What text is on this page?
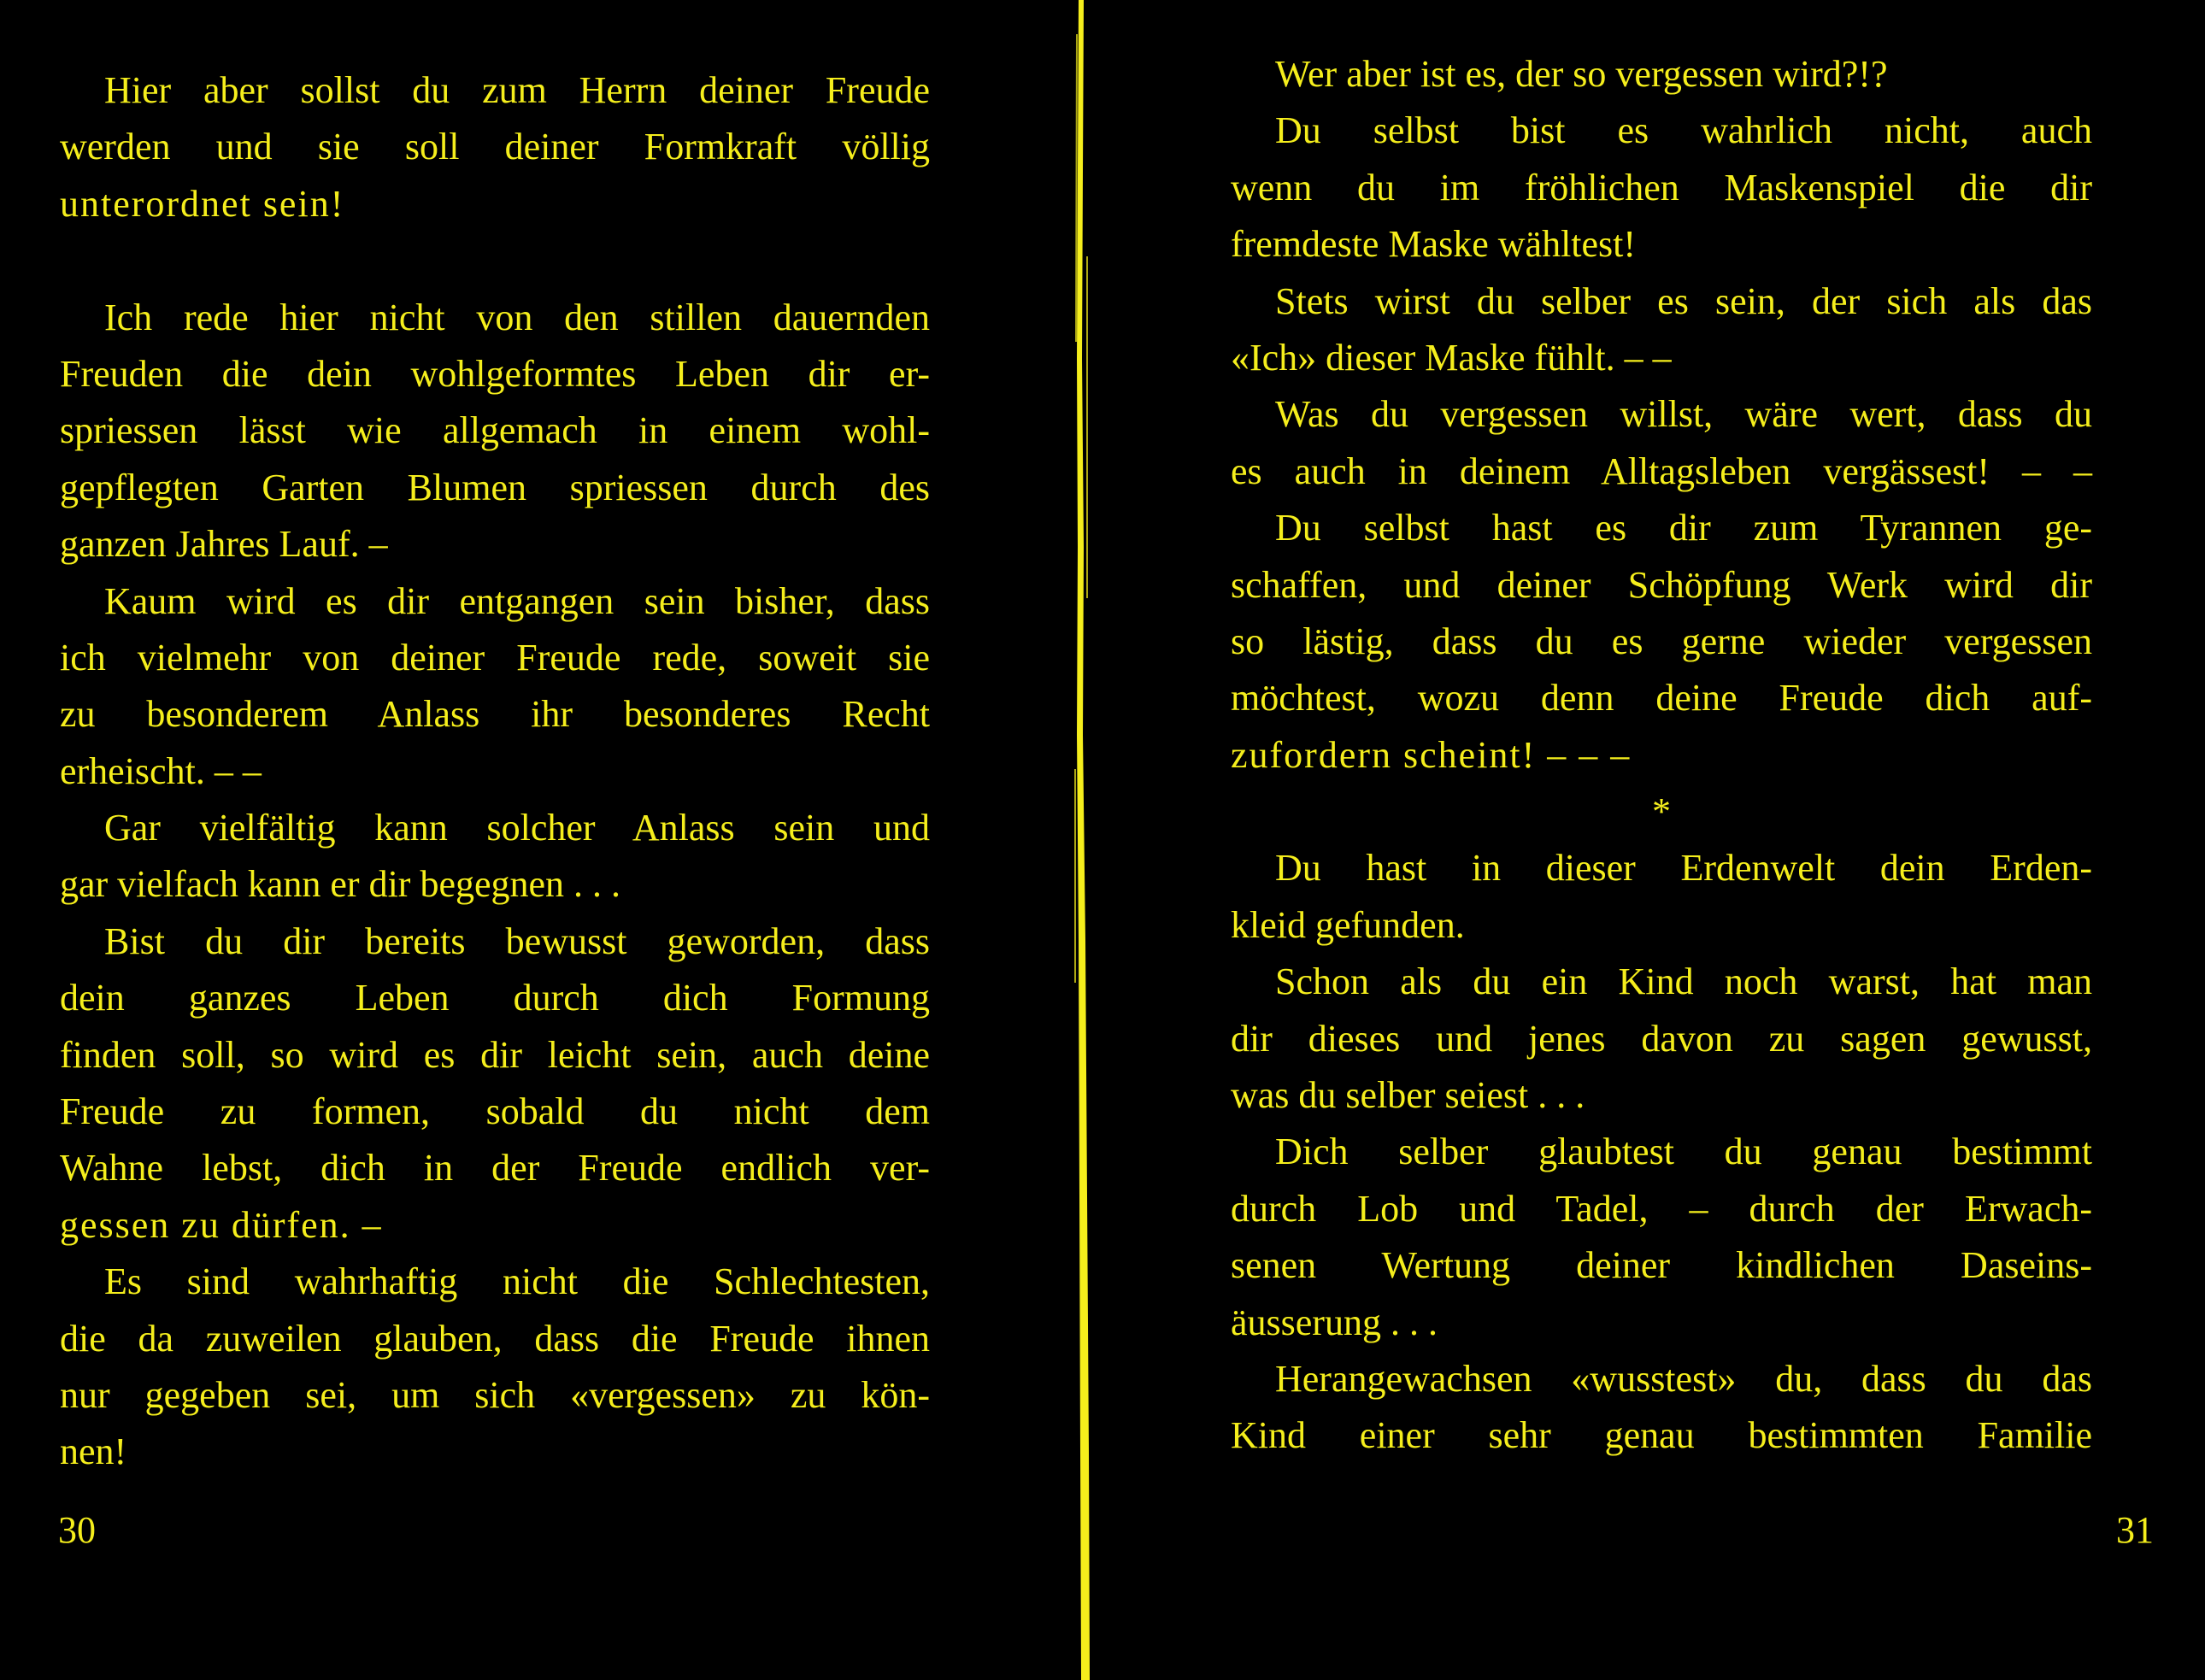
Hier aber sollst du zum Herrn deiner Freude
werden und sie soll deiner Formkraft völlig
unterordnet sein!
Ich rede hier nicht von den stillen dauernden
Freuden die dein wohlgeformtes Leben dir er-
spriessen lässt wie allgemach in einem wohl-
gepflegten Garten Blumen spriessen durch des
ganzen Jahres Lauf. –
Kaum wird es dir entgangen sein bisher, dass
ich vielmehr von deiner Freude rede, soweit sie
zu besonderem Anlass ihr besonderes Recht
erheischt. – –
Gar vielfältig kann solcher Anlass sein und
gar vielfach kann er dir begegnen . . .
Bist du dir bereits bewusst geworden, dass
dein ganzes Leben durch dich Formung
finden soll, so wird es dir leicht sein, auch deine
Freude zu formen, sobald du nicht dem
Wahne lebst, dich in der Freude endlich ver-
gessen zu dürfen. –
Es sind wahrhaftig nicht die Schlechtesten,
die da zuweilen glauben, dass die Freude ihnen
nur gegeben sei, um sich «vergessen» zu kön-
nen!
30
Wer aber ist es, der so vergessen wird?!?
Du selbst bist es wahrlich nicht, auch
wenn du im fröhlichen Maskenspiel die dir
fremdeste Maske wähltest!
Stets wirst du selber es sein, der sich als das
«Ich» dieser Maske fühlt. – –
Was du vergessen willst, wäre wert, dass du
es auch in deinem Alltagsleben vergässest! – –
Du selbst hast es dir zum Tyrannen ge-
schaffen, und deiner Schöpfung Werk wird dir
so lästig, dass du es gerne wieder vergessen
möchtest, wozu denn deine Freude dich auf-
zufordern scheint! – – –
*
Du hast in dieser Erdenwelt dein Erden-
kleid gefunden.
Schon als du ein Kind noch warst, hat man
dir dieses und jenes davon zu sagen gewusst,
was du selber seiest . . .
Dich selber glaubtest du genau bestimmt
durch Lob und Tadel, – durch der Erwach-
senen Wertung deiner kindlichen Daseins-
äusserung . . .
Herangewachsen «wusstest» du, dass du das
Kind einer sehr genau bestimmten Familie
31
